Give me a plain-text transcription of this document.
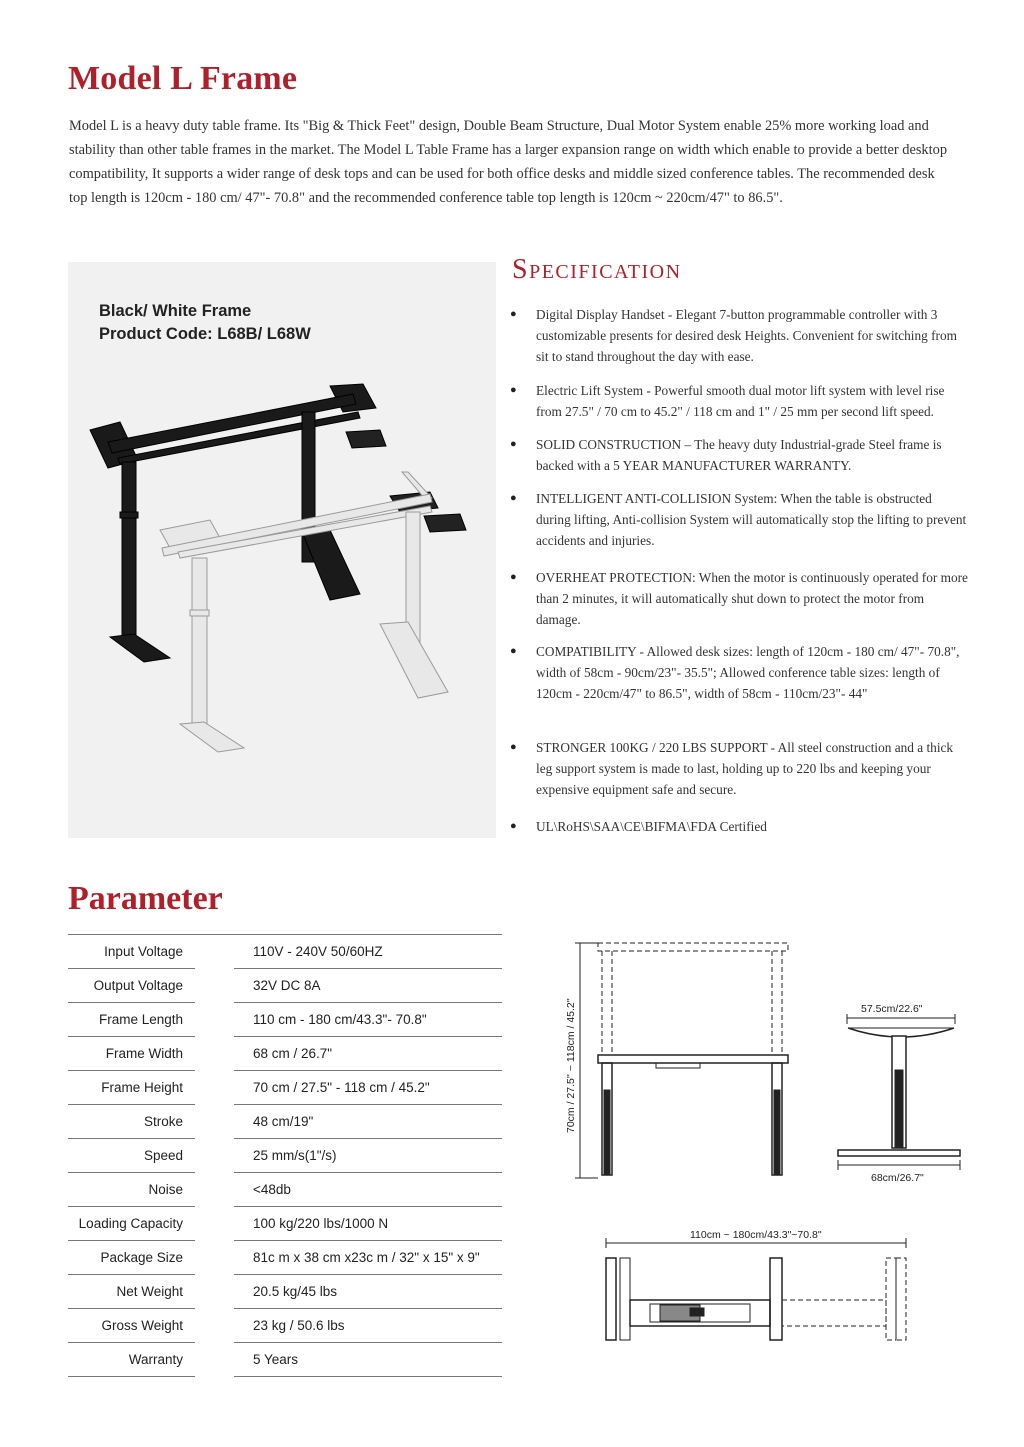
Model L Frame

Model L is a heavy duty table frame. Its "Big & Thick Feet" design, Double Beam Structure, Dual Motor System enable 25% more working load and stability than other table frames in the market. The Model L Table Frame has a larger expansion range on width which enable to provide a better desktop compatibility, It supports a wider range of desk tops and can be used for both office desks and middle sized conference tables. The recommended desk top length is 120cm - 180 cm/ 47"- 70.8" and the recommended conference table top length is 120cm ~ 220cm/47" to 86.5".

Black/ White Frame
Product Code: L68B/ L68W
Specification
●	Digital Display Handset - Elegant 7-button programmable controller with 3 customizable presents for desired desk Heights. Convenient for switching from sit to stand throughout the day with ease.
●	Electric Lift System - Powerful smooth dual motor lift system with level rise from 27.5" / 70 cm to 45.2" / 118 cm and 1" / 25 mm per second lift speed.
●	SOLID CONSTRUCTION – The heavy duty Industrial-grade Steel frame is backed with a 5 YEAR MANUFACTURER WARRANTY.
●	INTELLIGENT ANTI-COLLISION System: When the table is obstructed during lifting, Anti-collision System will automatically stop the lifting to prevent accidents and injuries.
●	OVERHEAT PROTECTION: When the motor is continuously operated for more than 2 minutes, it will automatically shut down to protect the motor from damage.
●	COMPATIBILITY - Allowed desk sizes: length of 120cm - 180 cm/ 47"- 70.8", width of 58cm - 90cm/23"- 35.5"; Allowed conference table sizes: length of 120cm - 220cm/47" to 86.5", width of 58cm - 110cm/23"- 44"
●	STRONGER 100KG / 220 LBS SUPPORT - All steel construction and a thick leg support system is made to last, holding up to 220 lbs and keeping your expensive equipment safe and secure.
●	UL\RoHS\SAA\CE\BIFMA\FDA Certified
Parameter
Input Voltage	110V - 240V 50/60HZ
Output Voltage	32V DC 8A
Frame Length	110 cm - 180 cm/43.3"- 70.8"
Frame Width	68 cm / 26.7"
Frame Height	70 cm / 27.5" - 118 cm / 45.2"
Stroke	48 cm/19"
Speed	25 mm/s(1"/s)
Noise	<48db
Loading Capacity	100 kg/220 lbs/1000 N
Package Size	81c m x 38 cm x23c m / 32" x 15" x 9"
Net Weight	20.5 kg/45 lbs
Gross Weight	23 kg / 50.6 lbs
Warranty	5 Years
70cm / 27.5'' ~ 118cm / 45.2''	57.5cm/22.6"
68cm/26.7"
110cm ~ 180cm/43.3"~70.8"
